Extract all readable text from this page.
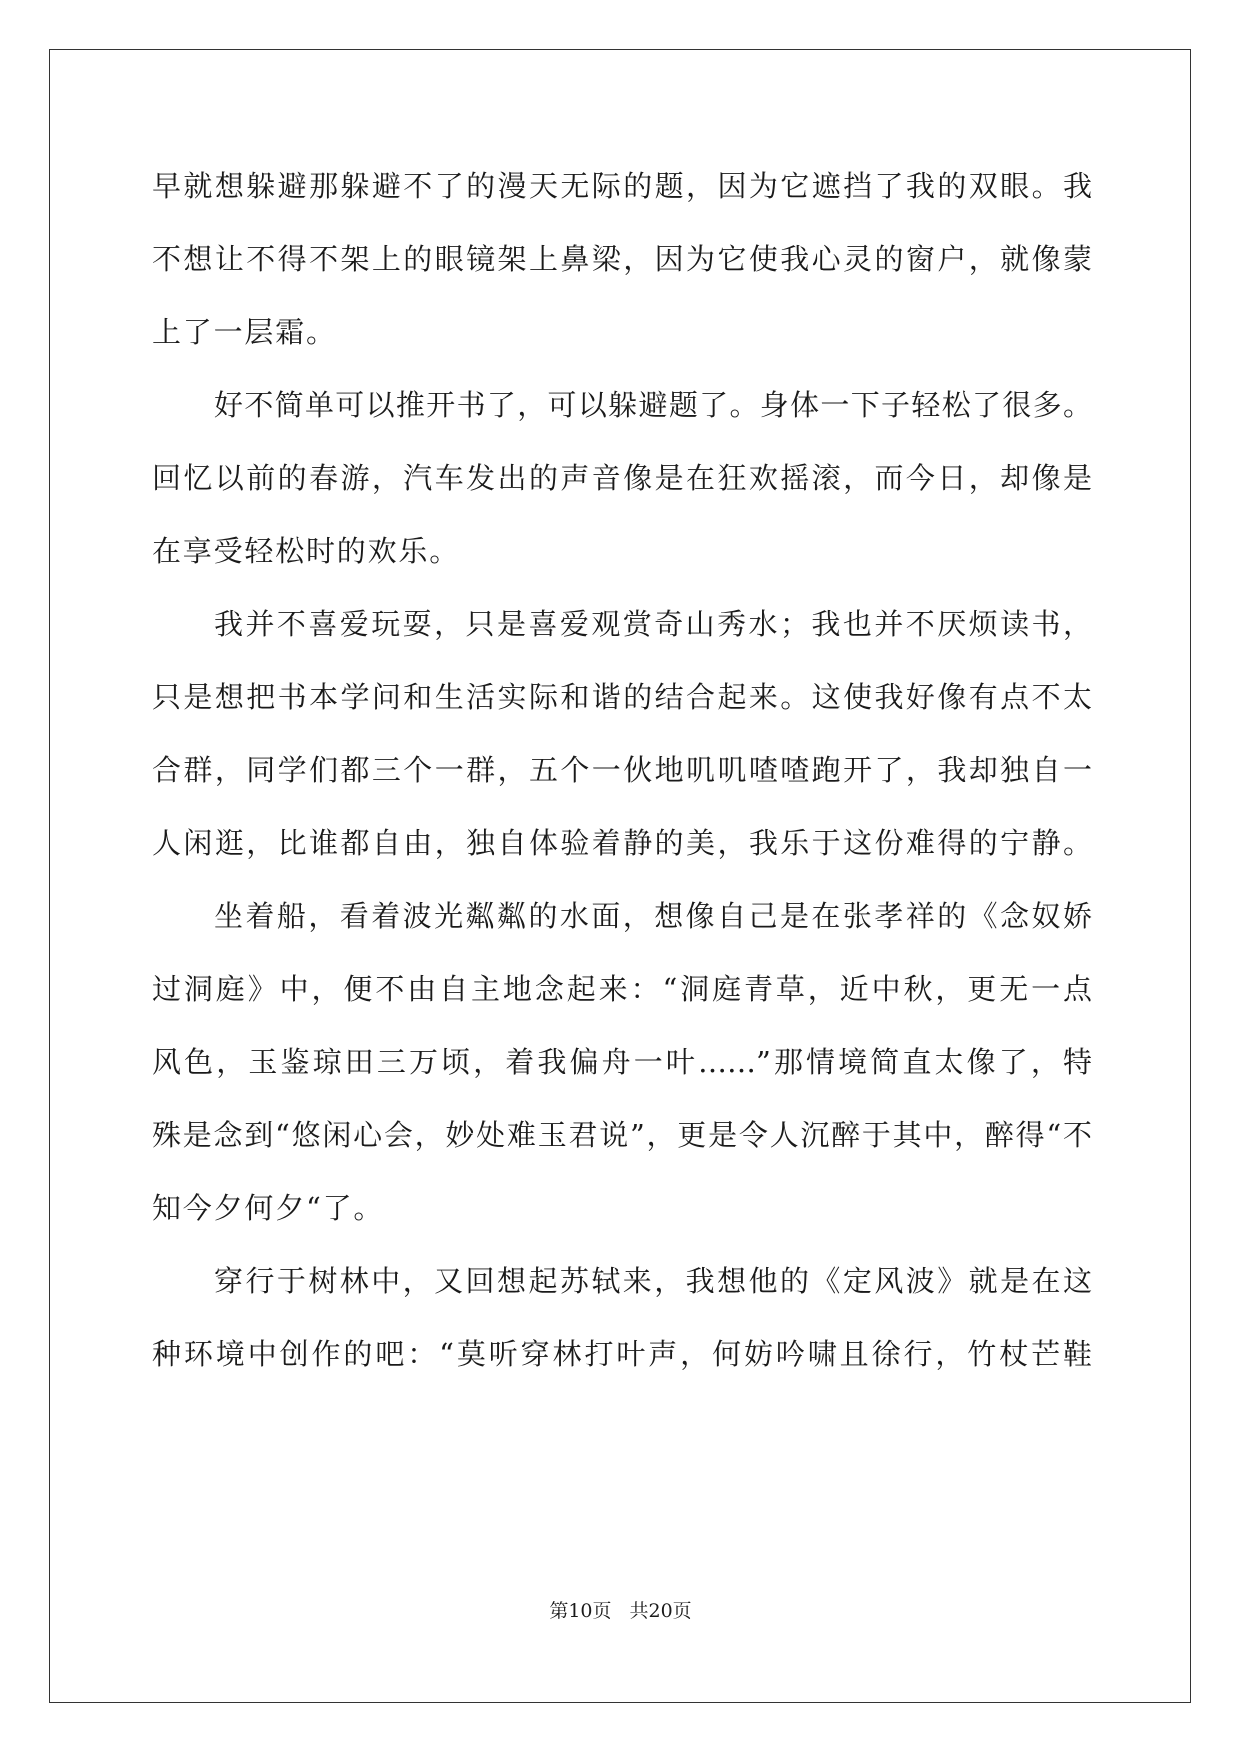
早就想躲避那躲避不了的漫天无际的题，因为它遮挡了我的双眼。我
不想让不得不架上的眼镜架上鼻梁，因为它使我心灵的窗户，就像蒙
上了一层霜。
好不简单可以推开书了，可以躲避题了。身体一下子轻松了很多。
回忆以前的春游，汽车发出的声音像是在狂欢摇滚，而今日，却像是
在享受轻松时的欢乐。
我并不喜爱玩耍，只是喜爱观赏奇山秀水；我也并不厌烦读书，
只是想把书本学问和生活实际和谐的结合起来。这使我好像有点不太
合群，同学们都三个一群，五个一伙地叽叽喳喳跑开了，我却独自一
人闲逛，比谁都自由，独自体验着静的美，我乐于这份难得的宁静。
坐着船，看着波光粼粼的水面，想像自己是在张孝祥的《念奴娇
过洞庭》中，便不由自主地念起来：“洞庭青草，近中秋，更无一点
风色，玉鉴琼田三万顷，着我偏舟一叶……”那情境简直太像了，特
殊是念到“悠闲心会，妙处难玉君说”，更是令人沉醉于其中，醉得“不
知今夕何夕“了。
穿行于树林中，又回想起苏轼来，我想他的《定风波》就是在这
种环境中创作的吧：“莫听穿林打叶声，何妨吟啸且徐行，竹杖芒鞋
第10页 共20页
